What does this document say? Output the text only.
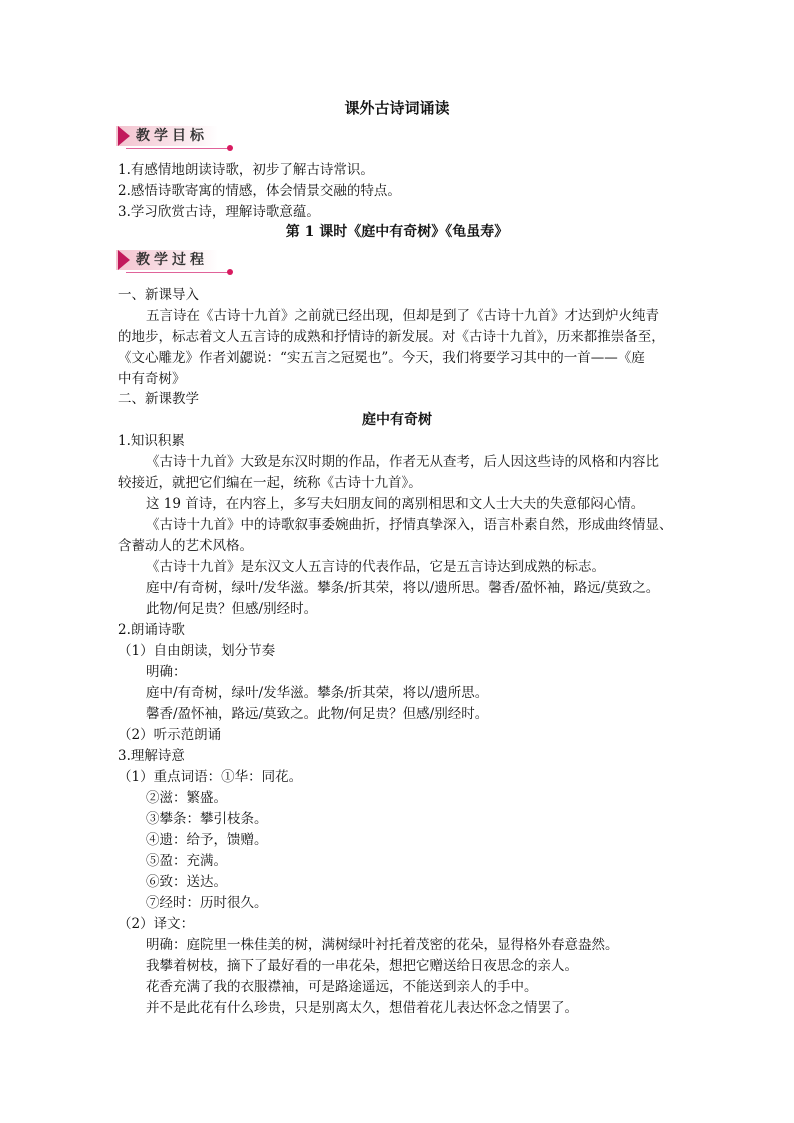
课外古诗词诵读
教学目标
1.有感情地朗读诗歌，初步了解古诗常识。
2.感悟诗歌寄寓的情感，体会情景交融的特点。
3.学习欣赏古诗，理解诗歌意蕴。
第 1 课时《庭中有奇树》《龟虽寿》
教学过程
一、新课导入
五言诗在《古诗十九首》之前就已经出现，但却是到了《古诗十九首》才达到炉火纯青
的地步，标志着文人五言诗的成熟和抒情诗的新发展。对《古诗十九首》，历来都推崇备至，
《文心雕龙》作者刘勰说：“实五言之冠冕也”。今天，我们将要学习其中的一首——《庭
中有奇树》
二、新课教学
庭中有奇树
1.知识积累
《古诗十九首》大致是东汉时期的作品，作者无从查考，后人因这些诗的风格和内容比
较接近，就把它们编在一起，统称《古诗十九首》。
这 19 首诗，在内容上，多写夫妇朋友间的离别相思和文人士大夫的失意郁闷心情。
《古诗十九首》中的诗歌叙事委婉曲折，抒情真挚深入，语言朴素自然，形成曲终情显、
含蓄动人的艺术风格。
《古诗十九首》是东汉文人五言诗的代表作品，它是五言诗达到成熟的标志。
庭中/有奇树，绿叶/发华滋。攀条/折其荣，将以/遗所思。馨香/盈怀袖，路远/莫致之。
此物/何足贵？但感/别经时。
2.朗诵诗歌
（1）自由朗读，划分节奏
明确：
庭中/有奇树，绿叶/发华滋。攀条/折其荣，将以/遗所思。
馨香/盈怀袖，路远/莫致之。此物/何足贵？但感/别经时。
（2）听示范朗诵
3.理解诗意
（1）重点词语：①华：同花。
②滋：繁盛。
③攀条：攀引枝条。
④遗：给予，馈赠。
⑤盈：充满。
⑥致：送达。
⑦经时：历时很久。
（2）译文：
明确：庭院里一株佳美的树，满树绿叶衬托着茂密的花朵，显得格外春意盎然。
我攀着树枝，摘下了最好看的一串花朵，想把它赠送给日夜思念的亲人。
花香充满了我的衣服襟袖，可是路途遥远，不能送到亲人的手中。
并不是此花有什么珍贵，只是别离太久，想借着花儿表达怀念之情罢了。
